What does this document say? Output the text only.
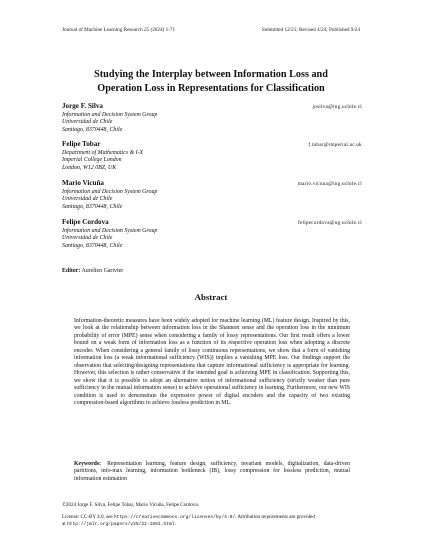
Journal of Machine Learning Research 25 (2024) 1-71	Submitted 12/21; Revised 4/24; Published 9/24
Studying the Interplay between Information Loss and
Operation Loss in Representations for Classification
Jorge F. Silva	josilva@ing.uchile.cl
Information and Decision System Group
Universidad de Chile
Santiago, 8370448, Chile
Felipe Tobar	f.tobar@imperial.ac.uk
Department of Mathematics & I-X
Imperial College London
London, W12 0BZ, UK
Mario Vicuña	mario.vicuna@ing.uchile.cl
Information and Decision System Group
Universidad de Chile
Santiago, 8370448, Chile
Felipe Cordova	felipecordova@ug.uchile.cl
Information and Decision System Group
Universidad de Chile
Santiago, 8370448, Chile
Editor: Aurelien Garivier
Abstract
Information-theoretic measures have been widely adopted for machine learning (ML) feature design. Inspired by this, we look at the relationship between information loss in the Shannon sense and the operation loss in the minimum probability of error (MPE) sense when considering a family of lossy representations. Our first result offers a lower bound on a weak form of information loss as a function of its respective operation loss when adopting a discrete encoder. When considering a general family of lossy continuous representations, we show that a form of vanishing information loss (a weak informational sufficiency (WIS)) implies a vanishing MPE loss. Our findings support the observation that selecting/designing representations that capture informational sufficiency is appropriate for learning. However, this selection is rather conservative if the intended goal is achieving MPE in classification. Supporting this, we show that it is possible to adopt an alternative notion of informational sufficiency (strictly weaker than pure sufficiency in the mutual information sense) to achieve operational sufficiency in learning. Furthermore, our new WIS condition is used to demonstrate the expressive power of digital encoders and the capacity of two existing compression-based algorithms to achieve lossless prediction in ML.
Keywords: Representation learning, feature design, sufficiency, invariant models, digitalization, data-driven partitions, info-max learning, information bottleneck (IB), lossy compression for lossless prediction, mutual information estimation
©2024 Jorge F. Silva, Felipe Tobar, Mario Vicuña, Felipe Cordova.
License: CC-BY 4.0, see https://creativecommons.org/licenses/by/4.0/. Attribution requirements are provided
at http://jmlr.org/papers/v25/21-1561.html.
